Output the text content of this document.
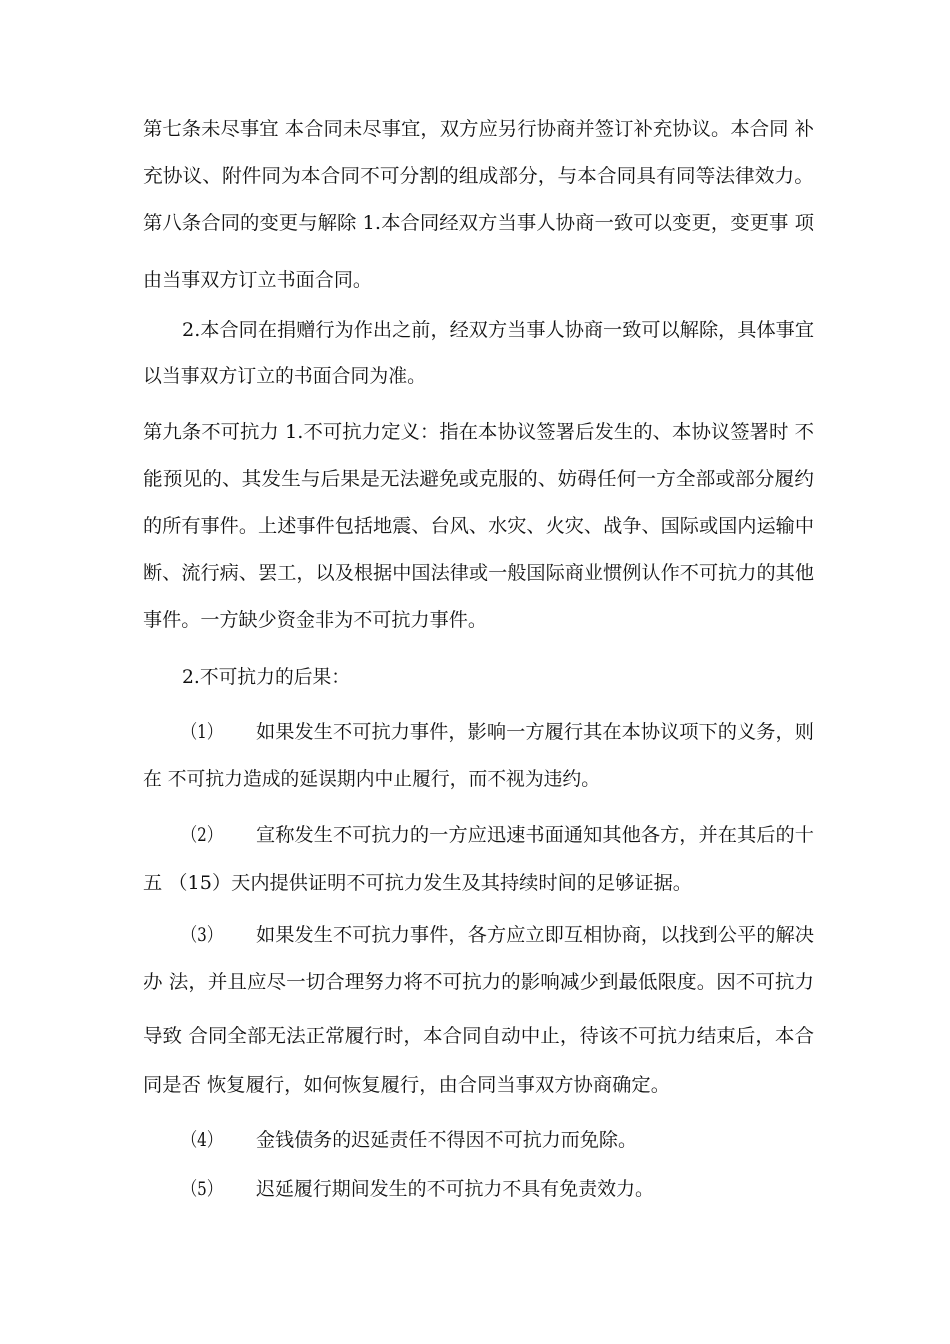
第七条未尽事宜 本合同未尽事宜，双方应另行协商并签订补充协议。本合同 补
充协议、附件同为本合同不可分割的组成部分，与本合同具有同等法律效力。
第八条合同的变更与解除 1.本合同经双方当事人协商一致可以变更，变更事 项
由当事双方订立书面合同。
2.本合同在捐赠行为作出之前，经双方当事人协商一致可以解除，具体事宜
以当事双方订立的书面合同为准。
第九条不可抗力 1.不可抗力定义：指在本协议签署后发生的、本协议签署时 不
能预见的、其发生与后果是无法避免或克服的、妨碍任何一方全部或部分履约
的所有事件。上述事件包括地震、台风、水灾、火灾、战争、国际或国内运输中
断、流行病、罢工，以及根据中国法律或一般国际商业惯例认作不可抗力的其他
事件。一方缺少资金非为不可抗力事件。
2.不可抗力的后果：
（1）	如果发生不可抗力事件，影响一方履行其在本协议项下的义务，则
在 不可抗力造成的延误期内中止履行，而不视为违约。
（2）	宣称发生不可抗力的一方应迅速书面通知其他各方，并在其后的十
五 （15）天内提供证明不可抗力发生及其持续时间的足够证据。
（3）	如果发生不可抗力事件，各方应立即互相协商，以找到公平的解决
办 法，并且应尽一切合理努力将不可抗力的影响减少到最低限度。因不可抗力
导致 合同全部无法正常履行时，本合同自动中止，待该不可抗力结束后，本合
同是否 恢复履行，如何恢复履行，由合同当事双方协商确定。
（4）	金钱债务的迟延责任不得因不可抗力而免除。
（5）	迟延履行期间发生的不可抗力不具有免责效力。
